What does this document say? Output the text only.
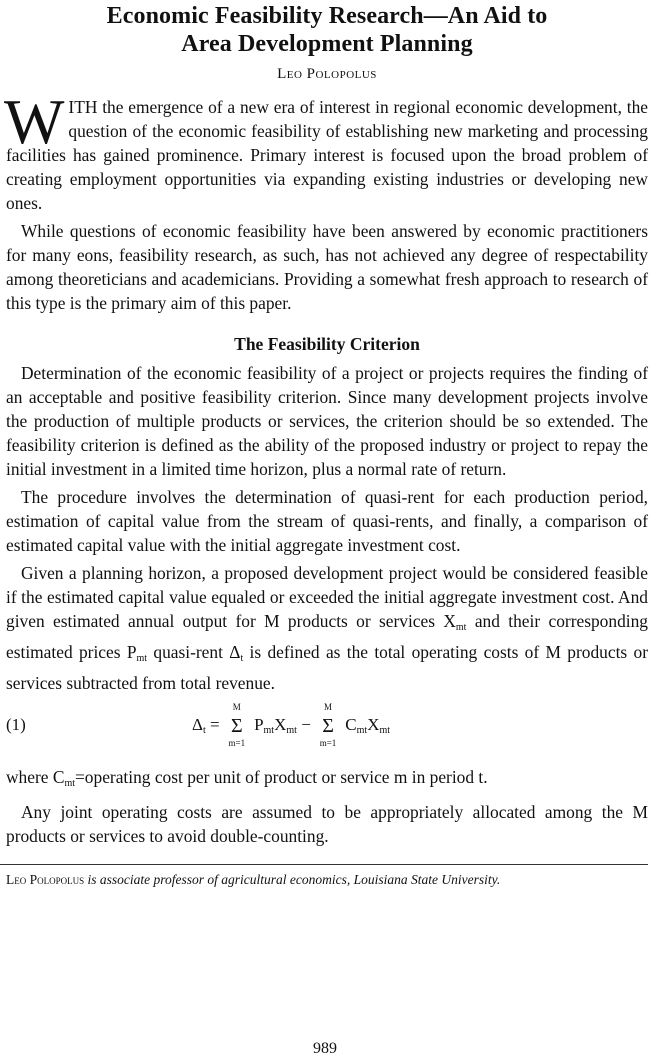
Economic Feasibility Research—An Aid to
Area Development Planning
Leo Polopolus

WITH the emergence of a new era of interest in regional economic development, the question of the economic feasibility of establishing new marketing and processing facilities has gained prominence. Primary interest is focused upon the broad problem of creating employment opportunities via expanding existing industries or developing new ones.

While questions of economic feasibility have been answered by economic practitioners for many eons, feasibility research, as such, has not achieved any degree of respectability among theoreticians and academicians. Providing a somewhat fresh approach to research of this type is the primary aim of this paper.

The Feasibility Criterion

Determination of the economic feasibility of a project or projects requires the finding of an acceptable and positive feasibility criterion. Since many development projects involve the production of multiple products or services, the criterion should be so extended. The feasibility criterion is defined as the ability of the proposed industry or project to repay the initial investment in a limited time horizon, plus a normal rate of return.

The procedure involves the determination of quasi-rent for each production period, estimation of capital value from the stream of quasi-rents, and finally, a comparison of estimated capital value with the initial aggregate investment cost.

Given a planning horizon, a proposed development project would be considered feasible if the estimated capital value equaled or exceeded the initial aggregate investment cost. And given estimated annual output for M products or services $X_{mt}$ and their corresponding estimated prices $P_{mt}$ quasi-rent $\Delta_t$ is defined as the total operating costs of M products or services subtracted from total revenue.

(1)	$\Delta_t$ =
M
Σ
m=1
$P_{mt}X_{mt}$ −
M
Σ
m=1
$C_{mt}X_{mt}$

where $C_{mt}=operating$ cost per unit of product or service m in period t.

Any joint operating costs are assumed to be appropriately allocated among the M products or services to avoid double-counting.

Leo Polopolus is associate professor of agricultural economics, Louisiana State University.
989
